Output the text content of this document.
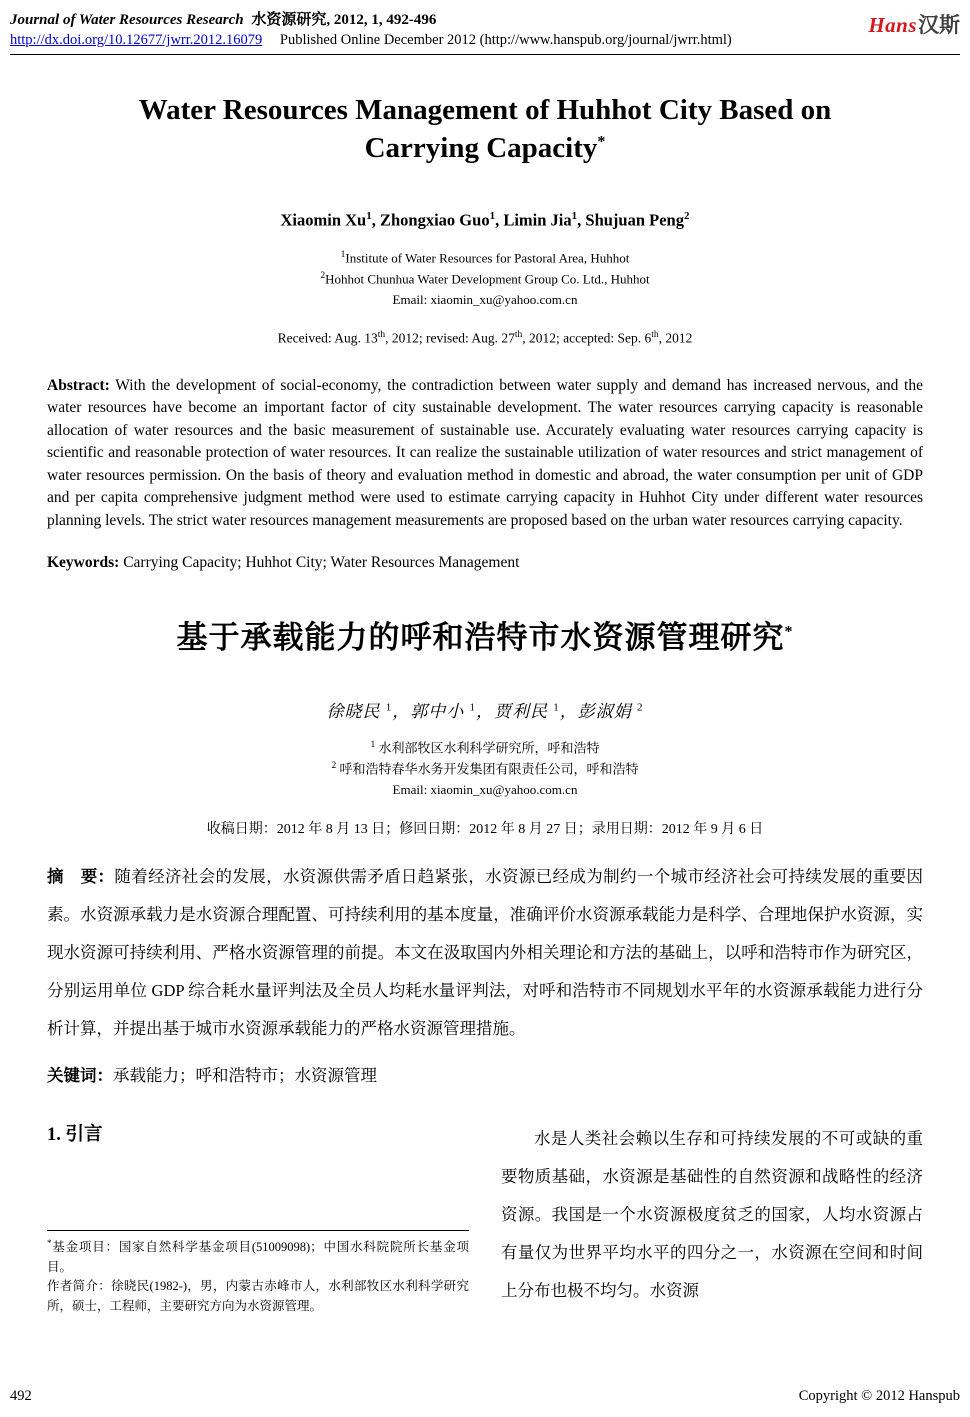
Journal of Water Resources Research 水资源研究, 2012, 1, 492-496
http://dx.doi.org/10.12677/jwrr.2012.16079 Published Online December 2012 (http://www.hanspub.org/journal/jwrr.html)
Hans汉斯
Water Resources Management of Huhhot City Based on
Carrying Capacity*
Xiaomin Xu$^1$, Zhongxiao Guo$^1$, Limin Jia$^1$, Shujuan Peng$^2$
$^1$Institute of Water Resources for Pastoral Area, Huhhot
$^2$Hohhot Chunhua Water Development Group Co. Ltd., Huhhot
Email: xiaomin_xu@yahoo.com.cn
Received: Aug. 13th, 2012; revised: Aug. 27th, 2012; accepted: Sep. 6th, 2012

Abstract: With the development of social-economy, the contradiction between water supply and demand has increased nervous, and the water resources have become an important factor of city sustainable development. The water resources carrying capacity is reasonable allocation of water resources and the basic measurement of sustainable use. Accurately evaluating water resources carrying capacity is scientific and reasonable protection of water resources. It can realize the sustainable utilization of water resources and strict management of water resources permission. On the basis of theory and evaluation method in domestic and abroad, the water consumption per unit of GDP and per capita comprehensive judgment method were used to estimate carrying capacity in Huhhot City under different water resources planning levels. The strict water resources management measurements are proposed based on the urban water resources carrying capacity.

Keywords: Carrying Capacity; Huhhot City; Water Resources Management

基于承载能力的呼和浩特市水资源管理研究*
徐晓民 $^1$，郭中小 $^1$，贾利民 $^1$，彭淑娟 $^2$
$^1$ 水利部牧区水利科学研究所，呼和浩特
$^2$ 呼和浩特春华水务开发集团有限责任公司，呼和浩特
Email: xiaomin_xu@yahoo.com.cn
收稿日期：2012 年 8 月 13 日；修回日期：2012 年 8 月 27 日；录用日期：2012 年 9 月 6 日

摘　要：随着经济社会的发展，水资源供需矛盾日趋紧张，水资源已经成为制约一个城市经济社会可持续发展的重要因素。水资源承载力是水资源合理配置、可持续利用的基本度量，准确评价水资源承载能力是科学、合理地保护水资源，实现水资源可持续利用、严格水资源管理的前提。本文在汲取国内外相关理论和方法的基础上，以呼和浩特市作为研究区，分别运用单位 GDP 综合耗水量评判法及全员人均耗水量评判法，对呼和浩特市不同规划水平年的水资源承载能力进行分析计算，并提出基于城市水资源承载能力的严格水资源管理措施。

关键词：承载能力；呼和浩特市；水资源管理

1. 引言

*基金项目：国家自然科学基金项目(51009098)；中国水科院院所长基金项目。

作者简介：徐晓民(1982-)，男，内蒙古赤峰市人，水利部牧区水利科学研究所，硕士，工程师，主要研究方向为水资源管理。

水是人类社会赖以生存和可持续发展的不可或缺的重要物质基础，水资源是基础性的自然资源和战略性的经济资源。我国是一个水资源极度贫乏的国家，人均水资源占有量仅为世界平均水平的四分之一，水资源在空间和时间上分布也极不均匀。水资源

492	Copyright © 2012 Hanspub
